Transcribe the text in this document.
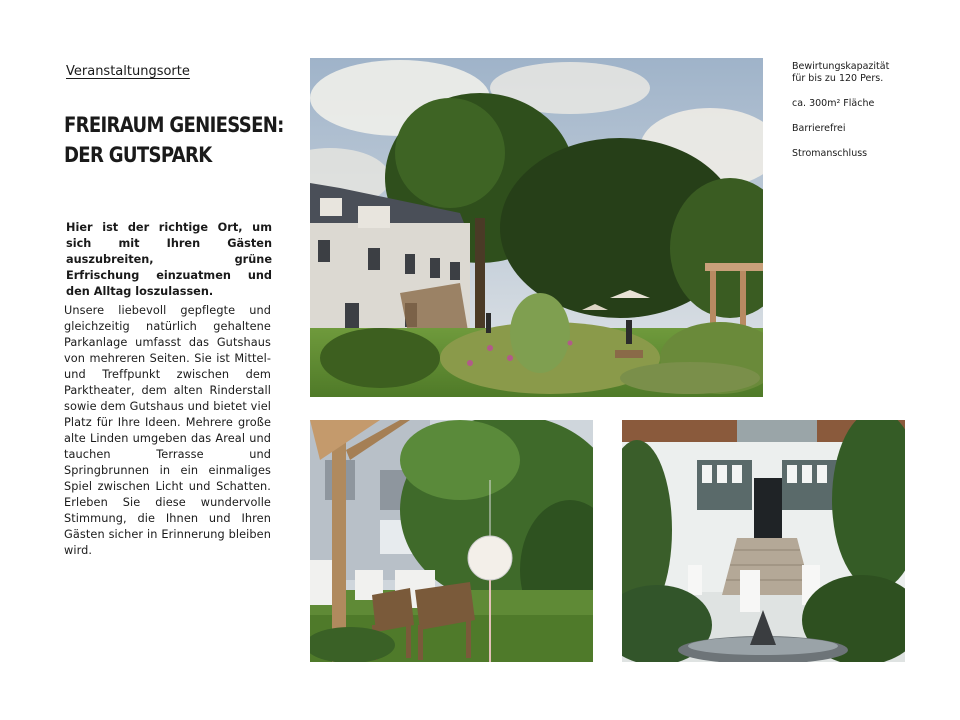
Veranstaltungsorte
FREIRAUM GENIESSEN:
DER GUTSPARK

Hier ist der richtige Ort, um sich mit Ihren Gästen auszubreiten, grüne Erfrischung einzuatmen und den Alltag loszulassen.

Unsere liebevoll gepflegte und gleichzeitig natürlich gehaltene Parkanlage umfasst das Gutshaus von mehreren Seiten. Sie ist Mittel- und Treffpunkt zwischen dem Parktheater, dem alten Rinderstall sowie dem Gutshaus und bietet viel Platz für Ihre Ideen. Mehrere große alte Linden umgeben das Areal und tauchen Terrasse und Springbrunnen in ein einmaliges Spiel zwischen Licht und Schatten. Erleben Sie diese wundervolle Stimmung, die Ihnen und Ihren Gästen sicher in Erinnerung bleiben wird.

Bewirtungskapazität
für bis zu 120 Pers.
ca. 300m² Fläche
Barrierefrei
Stromanschluss
